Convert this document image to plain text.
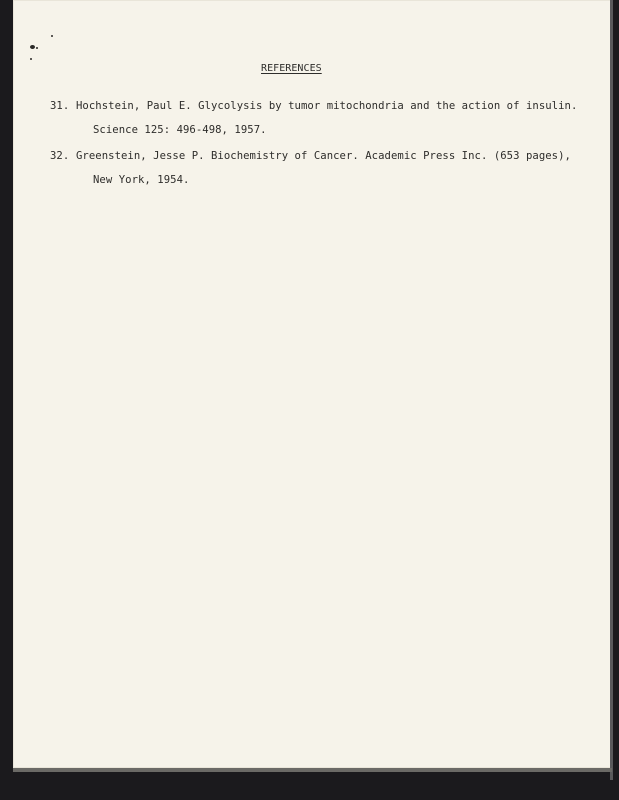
REFERENCES
31. Hochstein, Paul E. Glycolysis by tumor mitochondria and the action of insulin.
Science 125: 496-498, 1957.
32. Greenstein, Jesse P. Biochemistry of Cancer. Academic Press Inc. (653 pages),
New York, 1954.
